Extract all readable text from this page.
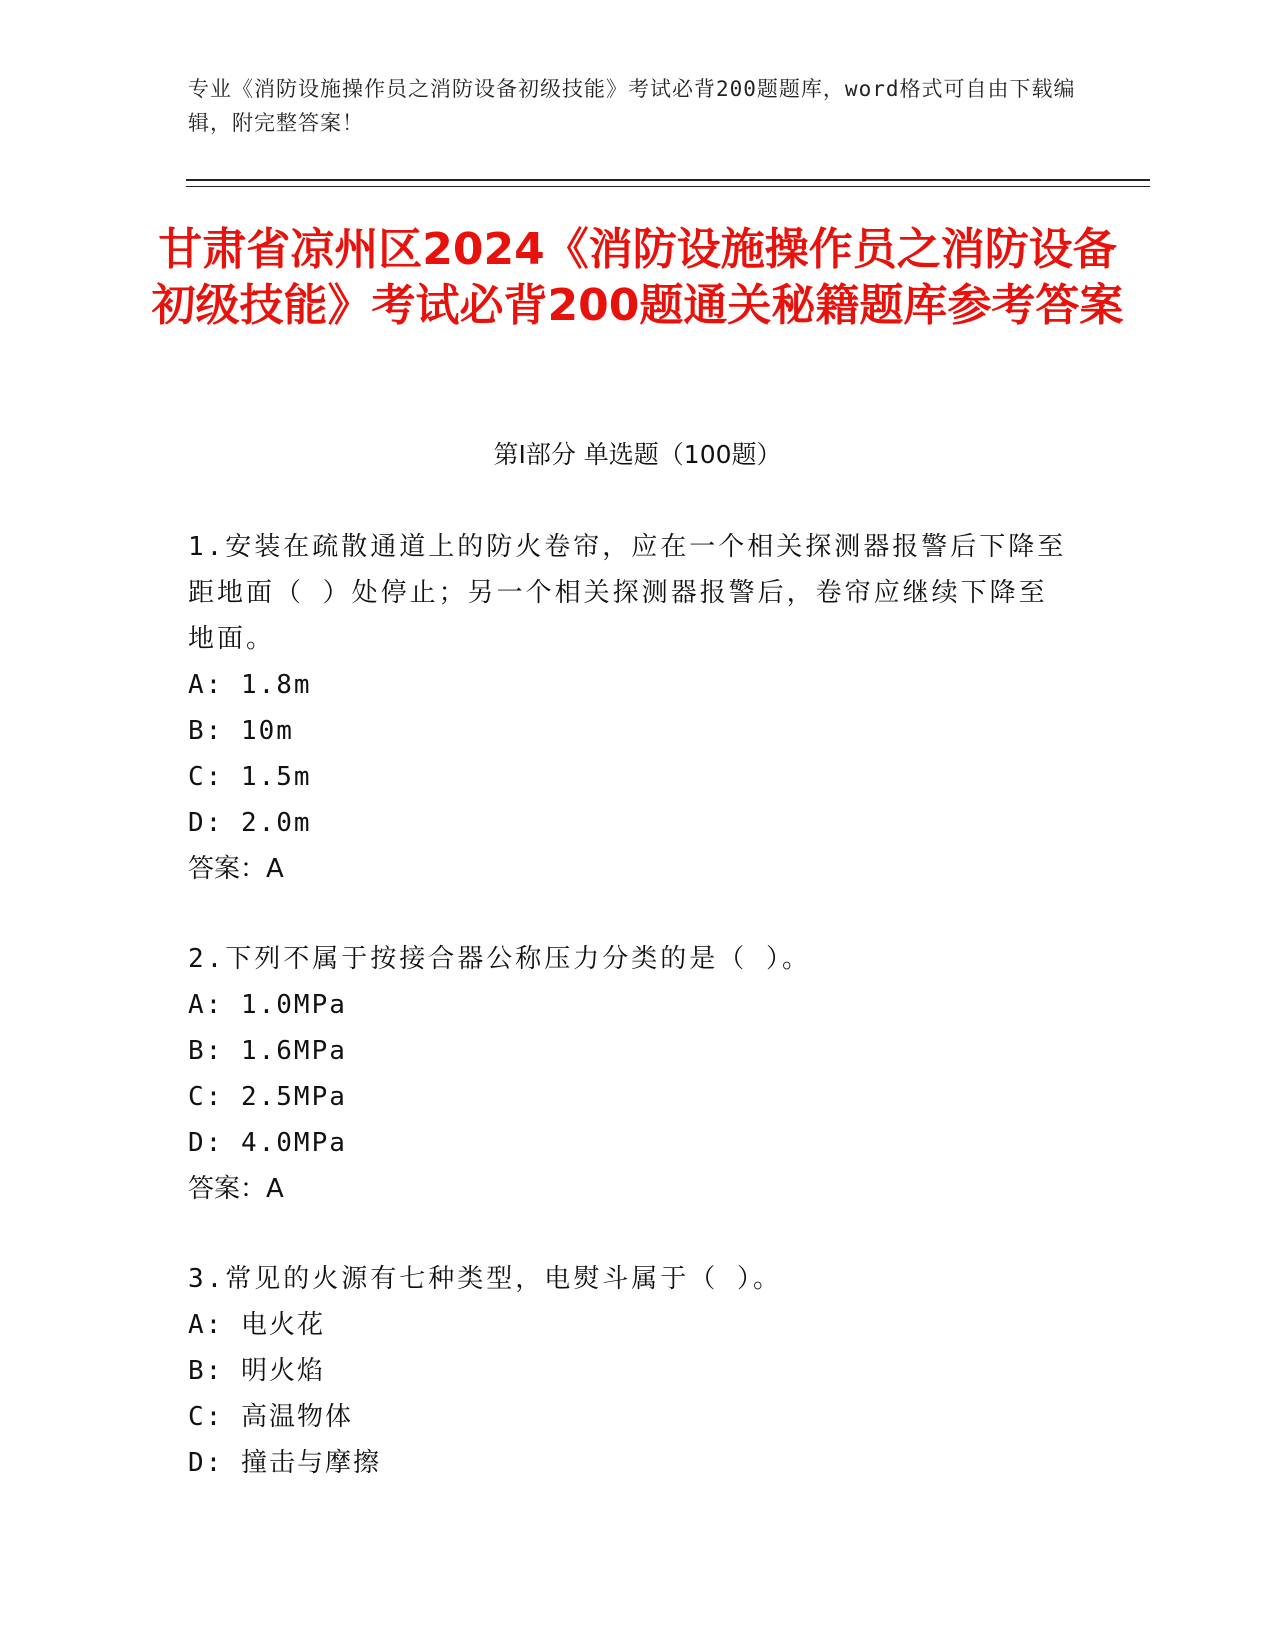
专业《消防设施操作员之消防设备初级技能》考试必背200题题库，word格式可自由下载编辑，附完整答案！

甘肃省凉州区2024《消防设施操作员之消防设备初级技能》考试必背200题通关秘籍题库参考答案
第Ⅰ部分 单选题（100题）

1.安装在疏散通道上的防火卷帘，应在一个相关探测器报警后下降至距地面（ ）处停止；另一个相关探测器报警后，卷帘应继续下降至地面。

A: 1.8m

B: 10m

C: 1.5m

D: 2.0m

答案：A

2.下列不属于按接合器公称压力分类的是（ ）。

A: 1.0MPa

B: 1.6MPa

C: 2.5MPa

D: 4.0MPa

答案：A

3.常见的火源有七种类型，电熨斗属于（ ）。

A: 电火花

B: 明火焰

C: 高温物体

D: 撞击与摩擦
